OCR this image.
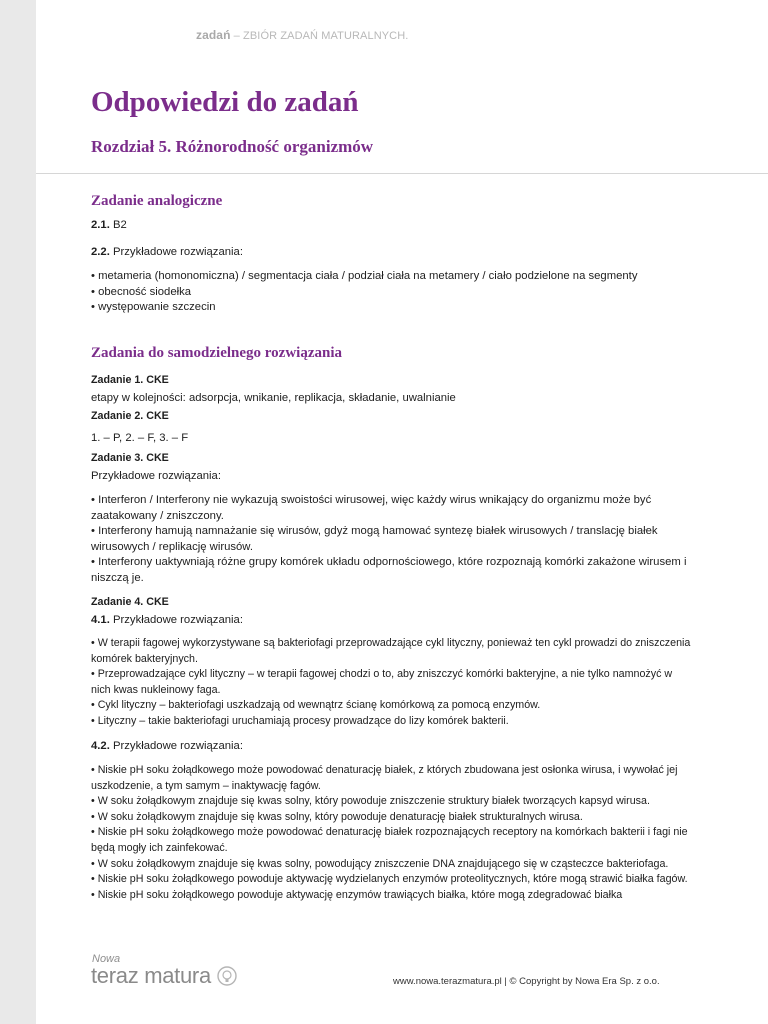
zadań – ZBIÓR ZADAŃ MATURALNYCH.
Odpowiedzi do zadań
Rozdział 5. Różnorodność organizmów
Zadanie analogiczne
2.1. B2
2.2. Przykładowe rozwiązania:

• metameria (homonomiczna) / segmentacja ciała / podział ciała na metamery / ciało podzielone na segmenty

• obecność siodełka

• występowanie szczecin

Zadania do samodzielnego rozwiązania
Zadanie 1. CKE
etapy w kolejności: adsorpcja, wnikanie, replikacja, składanie, uwalnianie
Zadanie 2. CKE
1. – P, 2. – F, 3. – F
Zadanie 3. CKE
Przykładowe rozwiązania:

• Interferon / Interferony nie wykazują swoistości wirusowej, więc każdy wirus wnikający do organizmu może być zaatakowany / zniszczony.

• Interferony hamują namnażanie się wirusów, gdyż mogą hamować syntezę białek wirusowych / translację białek wirusowych / replikację wirusów.

• Interferony uaktywniają różne grupy komórek układu odpornościowego, które rozpoznają komórki zakażone wirusem i niszczą je.

Zadanie 4. CKE
4.1. Przykładowe rozwiązania:

• W terapii fagowej wykorzystywane są bakteriofagi przeprowadzające cykl lityczny, ponieważ ten cykl prowadzi do zniszczenia komórek bakteryjnych.

• Przeprowadzające cykl lityczny – w terapii fagowej chodzi o to, aby zniszczyć komórki bakteryjne, a nie tylko namnożyć w nich kwas nukleinowy faga.

• Cykl lityczny – bakteriofagi uszkadzają od wewnątrz ścianę komórkową za pomocą enzymów.

• Lityczny – takie bakteriofagi uruchamiają procesy prowadzące do lizy komórek bakterii.

4.2. Przykładowe rozwiązania:

• Niskie pH soku żołądkowego może powodować denaturację białek, z których zbudowana jest osłonka wirusa, i wywołać jej uszkodzenie, a tym samym – inaktywację fagów.

• W soku żołądkowym znajduje się kwas solny, który powoduje zniszczenie struktury białek tworzących kapsyd wirusa.

• W soku żołądkowym znajduje się kwas solny, który powoduje denaturację białek strukturalnych wirusa.

• Niskie pH soku żołądkowego może powodować denaturację białek rozpoznających receptory na komórkach bakterii i fagi nie będą mogły ich zainfekować.

• W soku żołądkowym znajduje się kwas solny, powodujący zniszczenie DNA znajdującego się w cząsteczce bakteriofaga.

• Niskie pH soku żołądkowego powoduje aktywację wydzielanych enzymów proteolitycznych, które mogą strawić białka fagów.

• Niskie pH soku żołądkowego powoduje aktywację enzymów trawiących białka, które mogą zdegradować białka

Nowa
teraz matura	www.nowa.terazmatura.pl | © Copyright by Nowa Era Sp. z o.o.
